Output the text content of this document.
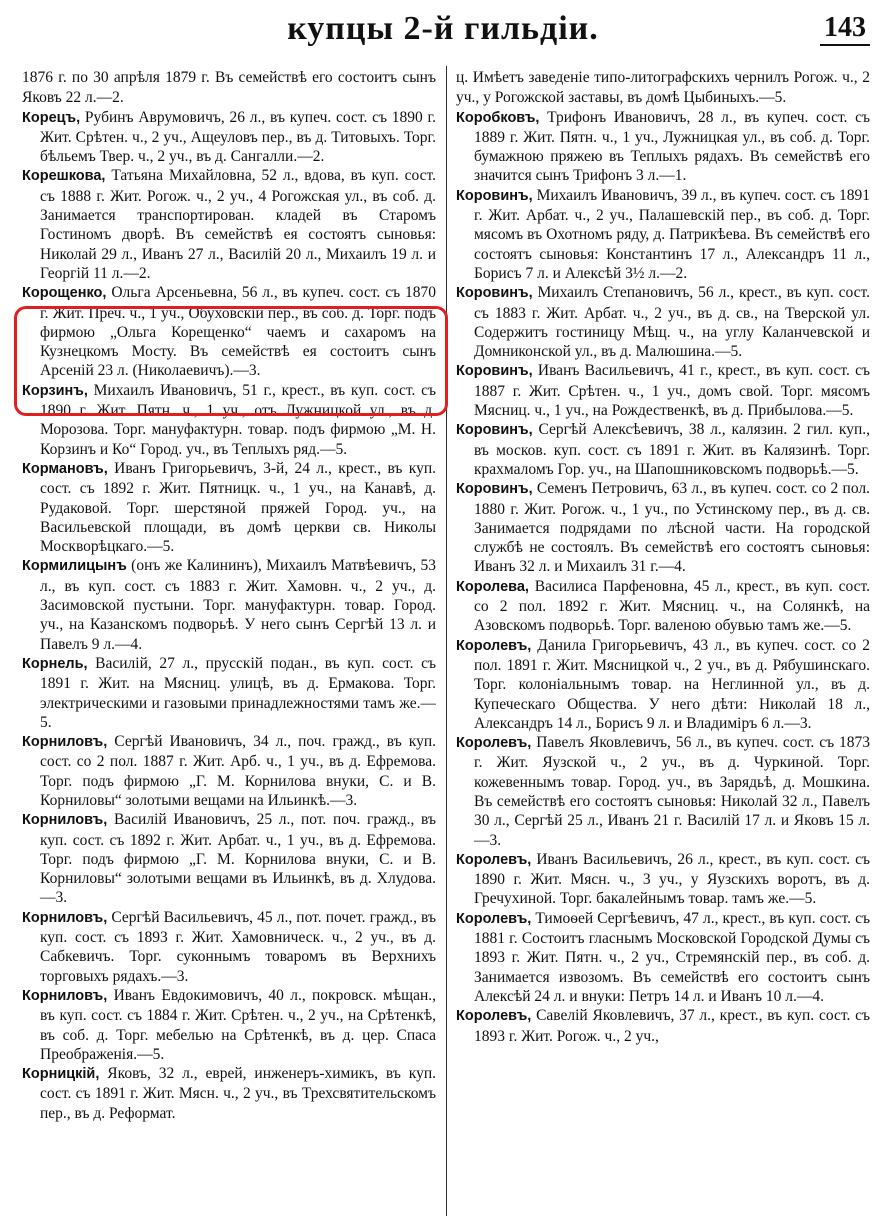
купцы 2-й гильдіи.	143

1876 г. по 30 апрѣля 1879 г. Въ семействѣ его состоитъ сынъ Яковъ 22 л.—2.

Корецъ, Рубинъ Аврумовичъ, 26 л., въ купеч. сост. съ 1890 г. Жит. Срѣтен. ч., 2 уч., Ащеуловъ пер., въ д. Титовыхъ. Торг. бѣльемъ Твер. ч., 2 уч., въ д. Сангалли.—2.

Корешкова, Татьяна Михайловна, 52 л., вдова, въ куп. сост. съ 1888 г. Жит. Рогож. ч., 2 уч., 4 Рогожская ул., въ соб. д. Занимается транспортирован. кладей въ Старомъ Гостиномъ дворѣ. Въ семействѣ ея состоятъ сыновья: Николай 29 л., Иванъ 27 л., Василій 20 л., Михаилъ 19 л. и Георгій 11 л.—2.

Корощенко, Ольга Арсеньевна, 56 л., въ купеч. сост. съ 1870 г. Жит. Преч. ч., 1 уч., Обуховскій пер., въ соб. д. Торг. подъ фирмою „Ольга Корещенко“ чаемъ и сахаромъ на Кузнецкомъ Мосту. Въ семействѣ ея состоитъ сынъ Арсеній 23 л. (Николаевичъ).—3.

Корзинъ, Михаилъ Ивановичъ, 51 г., крест., въ куп. сост. съ 1890 г. Жит. Пятн. ч., 1 уч., отъ Лужницкой ул., въ д. Морозова. Торг. мануфактурн. товар. подъ фирмою „М. Н. Корзинъ и Ко“ Город. уч., въ Теплыхъ ряд.—5.

Кормановъ, Иванъ Григорьевичъ, 3-й, 24 л., крест., въ куп. сост. съ 1892 г. Жит. Пятницк. ч., 1 уч., на Канавѣ, д. Рудаковой. Торг. шерстяной пряжей Город. уч., на Васильевской площади, въ домѣ церкви св. Николы Москворѣцкаго.—5.

Кормилицынъ (онъ же Калининъ), Михаилъ Матвѣевичъ, 53 л., въ куп. сост. съ 1883 г. Жит. Хамовн. ч., 2 уч., д. Засимовской пустыни. Торг. мануфактурн. товар. Город. уч., на Казанскомъ подворьѣ. У него сынъ Сергѣй 13 л. и Павелъ 9 л.—4.

Корнель, Василій, 27 л., прусскій подан., въ куп. сост. съ 1891 г. Жит. на Мясниц. улицѣ, въ д. Ермакова. Торг. электрическими и газовыми принадлежностями тамъ же.—5.

Корниловъ, Сергѣй Ивановичъ, 34 л., поч. гражд., въ куп. сост. со 2 пол. 1887 г. Жит. Арб. ч., 1 уч., въ д. Ефремова. Торг. подъ фирмою „Г. М. Корнилова внуки, С. и В. Корниловы“ золотыми вещами на Ильинкѣ.—3.

Корниловъ, Василій Ивановичъ, 25 л., пот. поч. гражд., въ куп. сост. съ 1892 г. Жит. Арбат. ч., 1 уч., въ д. Ефремова. Торг. подъ фирмою „Г. М. Корнилова внуки, С. и В. Корниловы“ золотыми вещами въ Ильинкѣ, въ д. Хлудова.—3.

Корниловъ, Сергѣй Васильевичъ, 45 л., пот. почет. гражд., въ куп. сост. съ 1893 г. Жит. Хамовническ. ч., 2 уч., въ д. Сабкевичъ. Торг. суконнымъ товаромъ въ Верхнихъ торговыхъ рядахъ.—3.

Корниловъ, Иванъ Евдокимовичъ, 40 л., покровск. мѣщан., въ куп. сост. съ 1884 г. Жит. Срѣтен. ч., 2 уч., на Срѣтенкѣ, въ соб. д. Торг. мебелью на Срѣтенкѣ, въ д. цер. Спаса Преображенія.—5.

Корницкій, Яковъ, 32 л., еврей, инженеръ-химикъ, въ куп. сост. съ 1891 г. Жит. Мясн. ч., 2 уч., въ Трехсвятительскомъ пер., въ д. Реформат.

ц. Имѣетъ заведеніе типо-литографскихъ чернилъ Рогож. ч., 2 уч., у Рогожской заставы, въ домѣ Цыбиныхъ.—5.

Коробковъ, Трифонъ Ивановичъ, 28 л., въ купеч. сост. съ 1889 г. Жит. Пятн. ч., 1 уч., Лужницкая ул., въ соб. д. Торг. бумажною пряжею въ Теплыхъ рядахъ. Въ семействѣ его значится сынъ Трифонъ 3 л.—1.

Коровинъ, Михаилъ Ивановичъ, 39 л., въ купеч. сост. съ 1891 г. Жит. Арбат. ч., 2 уч., Палашевскій пер., въ соб. д. Торг. мясомъ въ Охотномъ ряду, д. Патрикѣева. Въ семействѣ его состоятъ сыновья: Константинъ 17 л., Александръ 11 л., Борисъ 7 л. и Алексѣй 3½ л.—2.

Коровинъ, Михаилъ Степановичъ, 56 л., крест., въ куп. сост. съ 1883 г. Жит. Арбат. ч., 2 уч., въ д. св., на Тверской ул. Содержитъ гостиницу Мѣщ. ч., на углу Каланчевской и Домниконской ул., въ д. Малюшина.—5.

Коровинъ, Иванъ Васильевичъ, 41 г., крест., въ куп. сост. съ 1887 г. Жит. Срѣтен. ч., 1 уч., домъ свой. Торг. мясомъ Мясниц. ч., 1 уч., на Рождественкѣ, въ д. Прибылова.—5.

Коровинъ, Сергѣй Алексѣевичъ, 38 л., калязин. 2 гил. куп., въ москов. куп. сост. съ 1891 г. Жит. въ Калязинѣ. Торг. крахмаломъ Гор. уч., на Шапошниковскомъ подворьѣ.—5.

Коровинъ, Семенъ Петровичъ, 63 л., въ купеч. сост. со 2 пол. 1880 г. Жит. Рогож. ч., 1 уч., по Устинскому пер., въ д. св. Занимается подрядами по лѣсной части. На городской службѣ не состоялъ. Въ семействѣ его состоятъ сыновья: Иванъ 32 л. и Михаилъ 31 г.—4.

Королева, Василиса Парфеновна, 45 л., крест., въ куп. сост. со 2 пол. 1892 г. Жит. Мясниц. ч., на Солянкѣ, на Азовскомъ подворьѣ. Торг. валеною обувью тамъ же.—5.

Королевъ, Данила Григорьевичъ, 43 л., въ купеч. сост. со 2 пол. 1891 г. Жит. Мясницкой ч., 2 уч., въ д. Рябушинскаго. Торг. колоніальнымъ товар. на Неглинной ул., въ д. Купеческаго Общества. У него дѣти: Николай 18 л., Александръ 14 л., Борисъ 9 л. и Владиміръ 6 л.—3.

Королевъ, Павелъ Яковлевичъ, 56 л., въ купеч. сост. съ 1873 г. Жит. Яузской ч., 2 уч., въ д. Чуркиной. Торг. кожевеннымъ товар. Город. уч., въ Зарядьѣ, д. Мошкина. Въ семействѣ его состоятъ сыновья: Николай 32 л., Павелъ 30 л., Сергѣй 25 л., Иванъ 21 г. Василій 17 л. и Яковъ 15 л.—3.

Королевъ, Иванъ Васильевичъ, 26 л., крест., въ куп. сост. съ 1890 г. Жит. Мясн. ч., 3 уч., у Яузскихъ воротъ, въ д. Гречухиной. Торг. бакалейнымъ товар. тамъ же.—5.

Королевъ, Тимоѳей Сергѣевичъ, 47 л., крест., въ куп. сост. съ 1881 г. Состоитъ гласнымъ Московской Городской Думы съ 1893 г. Жит. Пятн. ч., 2 уч., Стремянскій пер., въ соб. д. Занимается извозомъ. Въ семействѣ его состоитъ сынъ Алексѣй 24 л. и внуки: Петръ 14 л. и Иванъ 10 л.—4.

Королевъ, Савелій Яковлевичъ, 37 л., крест., въ куп. сост. съ 1893 г. Жит. Рогож. ч., 2 уч.,
